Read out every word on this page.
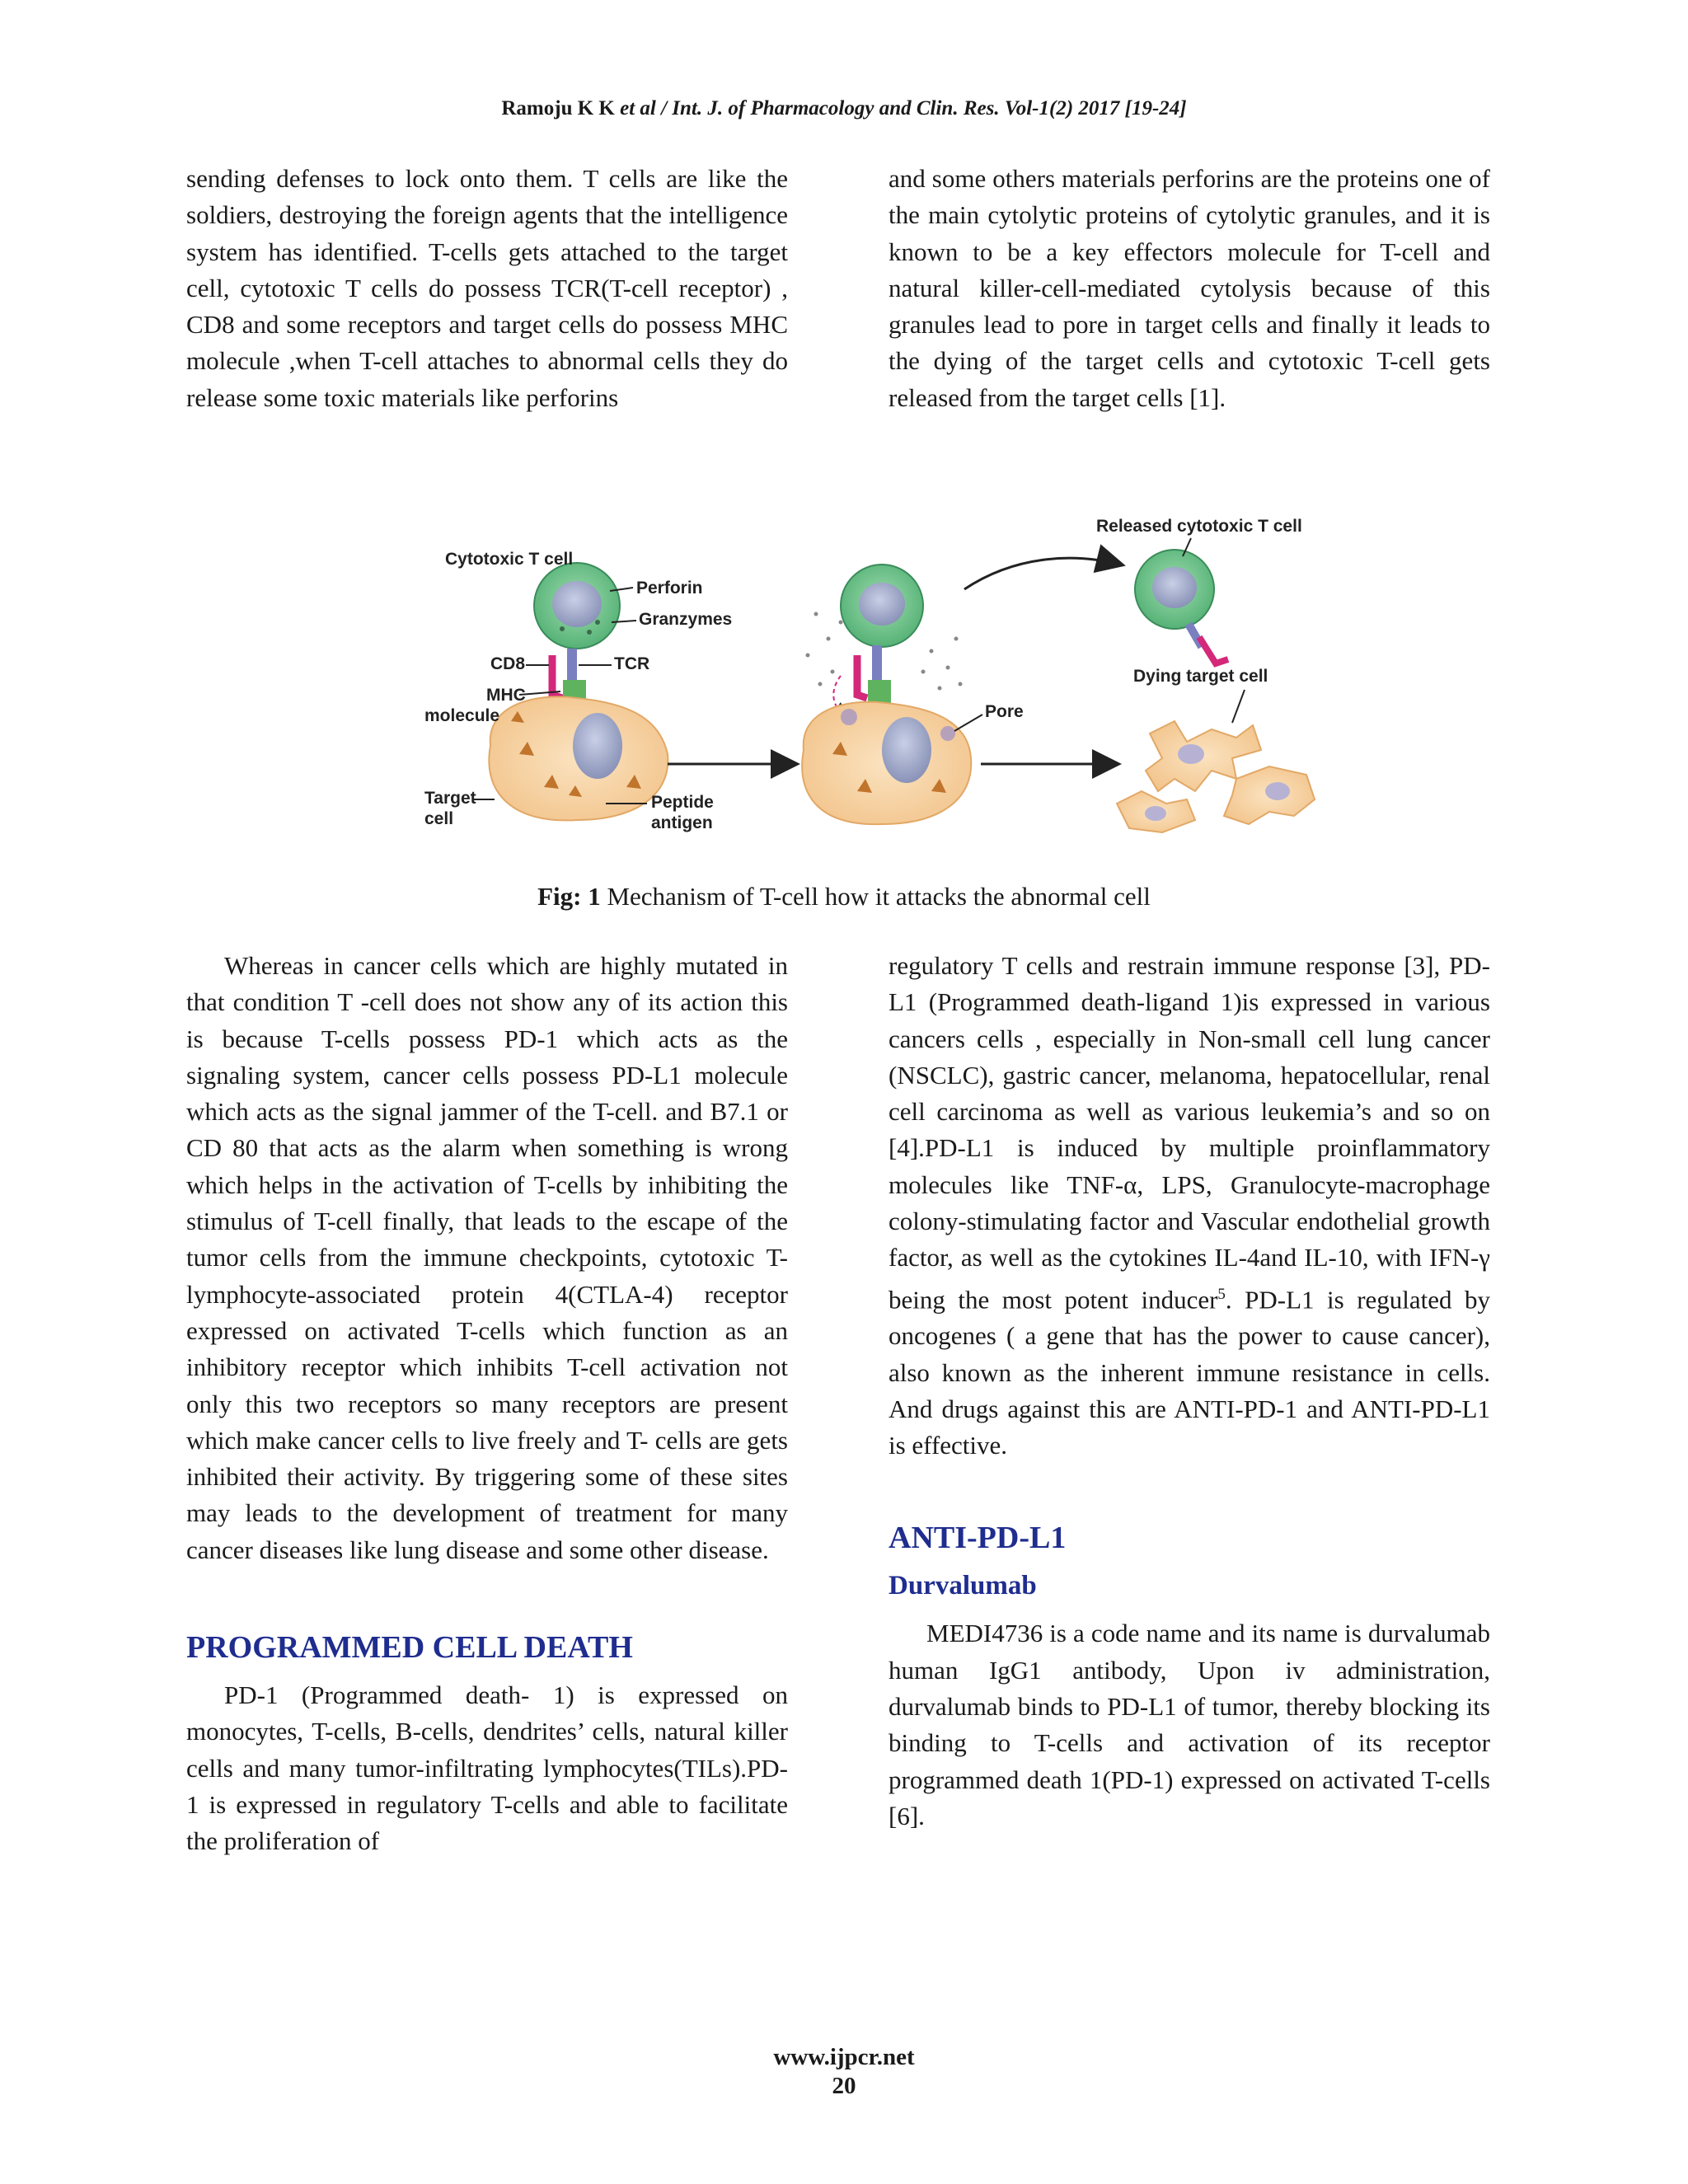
Ramoju K K et al / Int. J. of Pharmacology and Clin. Res. Vol-1(2) 2017 [19-24]

sending defenses to lock onto them. T cells are like the soldiers, destroying the foreign agents that the intelligence system has identified. T-cells gets attached to the target cell, cytotoxic T cells do possess TCR(T-cell receptor) , CD8 and some receptors and target cells do possess MHC molecule ,when T-cell attaches to abnormal cells they do release some toxic materials like perforins

and some others materials perforins are the proteins one of the main cytolytic proteins of cytolytic granules, and it is known to be a key effectors molecule for T-cell and natural killer-cell-mediated cytolysis because of this granules lead to pore in target cells and finally it leads to the dying of the target cells and cytotoxic T-cell gets released from the target cells [1].

Cytotoxic T cell
Perforin
Granzymes
CD8	TCR
MHC
molecule
Target
cell
Peptide
antigen
Pore
Released cytotoxic T cell
Dying target cell
Fig: 1 Mechanism of T-cell how it attacks the abnormal cell

Whereas in cancer cells which are highly mutated in that condition T -cell does not show any of its action this is because T-cells possess PD-1 which acts as the signaling system, cancer cells possess PD-L1 molecule which acts as the signal jammer of the T-cell. and B7.1 or CD 80 that acts as the alarm when something is wrong which helps in the activation of T-cells by inhibiting the stimulus of T-cell finally, that leads to the escape of the tumor cells from the immune checkpoints, cytotoxic T-lymphocyte-associated protein 4(CTLA-4) receptor expressed on activated T-cells which function as an inhibitory receptor which inhibits T-cell activation not only this two receptors so many receptors are present which make cancer cells to live freely and T- cells are gets inhibited their activity. By triggering some of these sites may leads to the development of treatment for many cancer diseases like lung disease and some other disease.

PROGRAMMED CELL DEATH

PD-1 (Programmed death- 1) is expressed on monocytes, T-cells, B-cells, dendrites’ cells, natural killer cells and many tumor-infiltrating lymphocytes(TILs).PD-1 is expressed in regulatory T-cells and able to facilitate the proliferation of

regulatory T cells and restrain immune response [3], PD-L1 (Programmed death-ligand 1)is expressed in various cancers cells , especially in Non-small cell lung cancer (NSCLC), gastric cancer, melanoma, hepatocellular, renal cell carcinoma as well as various leukemia’s and so on [4].PD-L1 is induced by multiple proinflammatory molecules like TNF-α, LPS, Granulocyte-macrophage colony-stimulating factor and Vascular endothelial growth factor, as well as the cytokines IL-4and IL-10, with IFN-γ being the most potent inducer$^5$. PD-L1 is regulated by oncogenes ( a gene that has the power to cause cancer), also known as the inherent immune resistance in cells. And drugs against this are ANTI-PD-1 and ANTI-PD-L1 is effective.

ANTI-PD-L1
Durvalumab

MEDI4736 is a code name and its name is durvalumab human IgG1 antibody, Upon iv administration, durvalumab binds to PD-L1 of tumor, thereby blocking its binding to T-cells and activation of its receptor programmed death 1(PD-1) expressed on activated T-cells [6].

www.ijpcr.net
20
